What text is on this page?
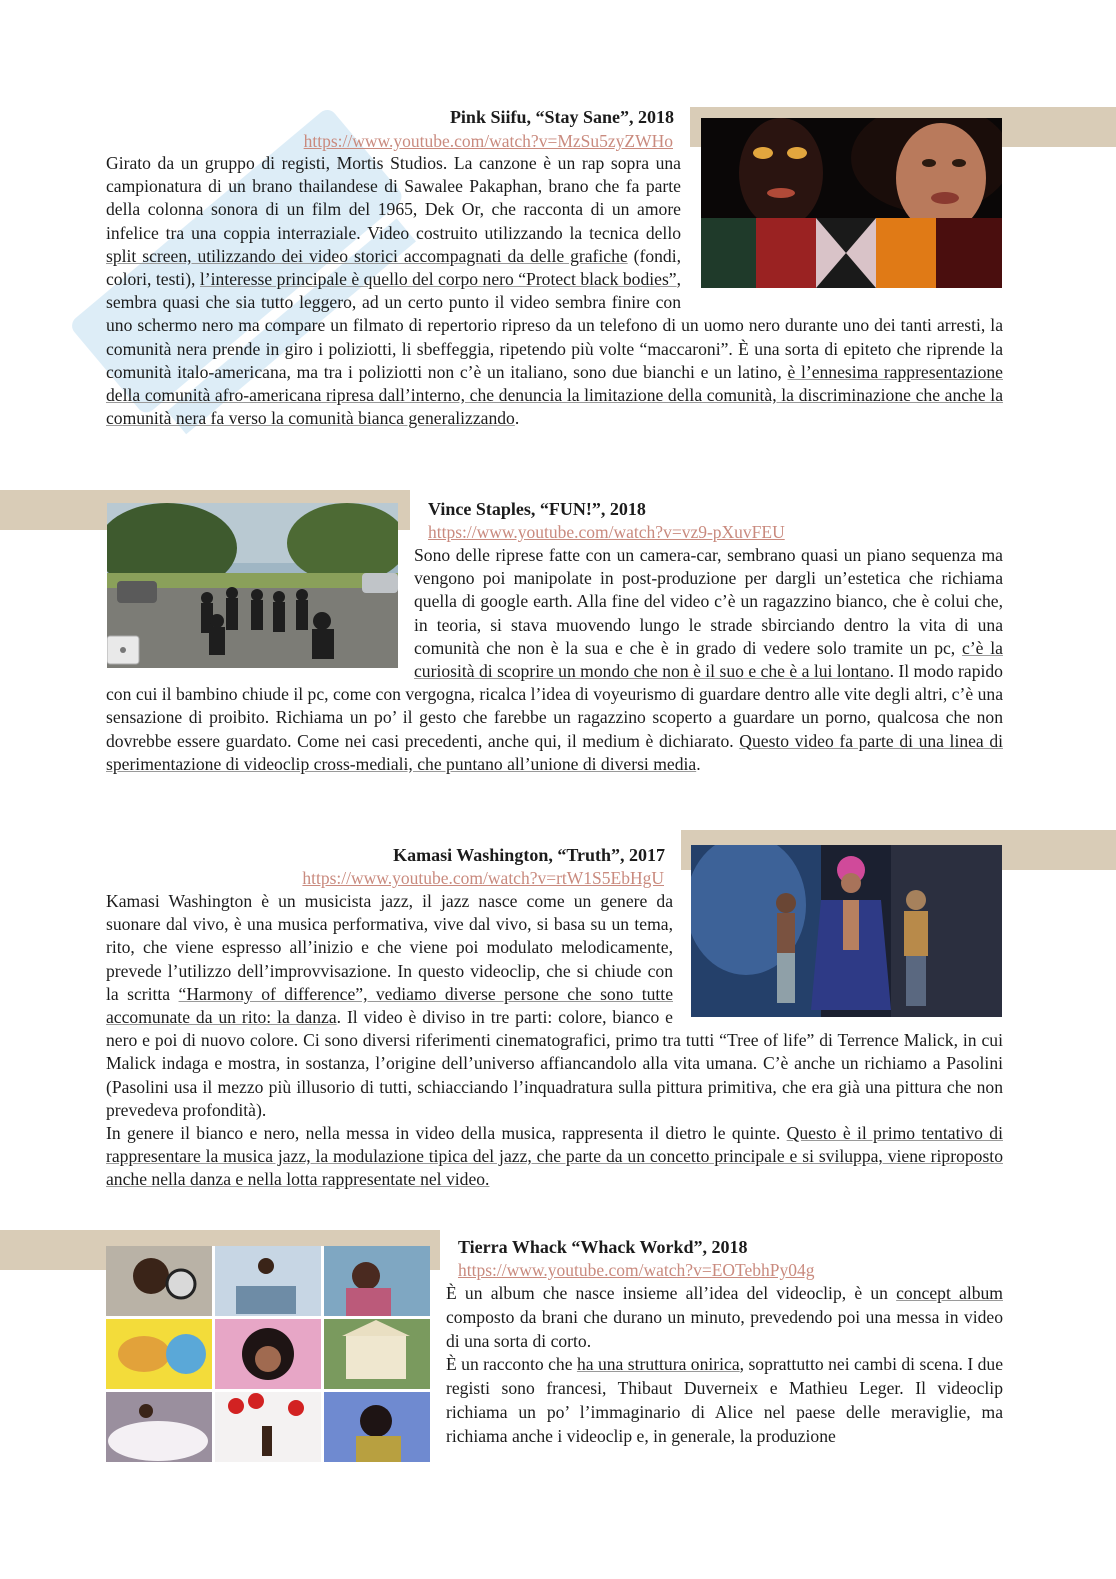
Pink Siifu, “Stay Sane”, 2018
https://www.youtube.com/watch?v=MzSu5zyZWHo

Girato da un gruppo di registi, Mortis Studios. La canzone è un rap sopra una campionatura di un brano thailandese di Sawalee Pakaphan, brano che fa parte della colonna sonora di un film del 1965, Dek Or, che racconta di un amore infelice tra una coppia interraziale. Video costruito utilizzando la tecnica dello split screen, utilizzando dei video storici accompagnati da delle grafiche (fondi, colori, testi), l’interesse principale è quello del corpo nero “Protect black bodies”, sembra quasi che sia tutto leggero, ad un certo punto il video sembra finire con uno schermo nero ma compare un filmato di repertorio ripreso da un telefono di un uomo nero durante uno dei tanti arresti, la comunità nera prende in giro i poliziotti, li sbeffeggia, ripetendo più volte “maccaroni”. È una sorta di epiteto che riprende la comunità italo-americana, ma tra i poliziotti non c’è un italiano, sono due bianchi e un latino, è l’ennesima rappresentazione della comunità afro-americana ripresa dall’interno, che denuncia la limitazione della comunità, la discriminazione che anche la comunità nera fa verso la comunità bianca generalizzando.

Vince Staples, “FUN!”, 2018
https://www.youtube.com/watch?v=vz9-pXuvFEU

Sono delle riprese fatte con un camera-car, sembrano quasi un piano sequenza ma vengono poi manipolate in post-produzione per dargli un’estetica che richiama quella di google earth. Alla fine del video c’è un ragazzino bianco, che è colui che, in teoria, si stava muovendo lungo le strade sbirciando dentro la vita di una comunità che non è la sua e che è in grado di vedere solo tramite un pc, c’è la curiosità di scoprire un mondo che non è il suo e che è a lui lontano. Il modo rapido con cui il bambino chiude il pc, come con vergogna, ricalca l’idea di voyeurismo di guardare dentro alle vite degli altri, c’è una sensazione di proibito. Richiama un po’ il gesto che farebbe un ragazzino scoperto a guardare un porno, qualcosa che non dovrebbe essere guardato. Come nei casi precedenti, anche qui, il medium è dichiarato. Questo video fa parte di una linea di sperimentazione di videoclip cross-mediali, che puntano all’unione di diversi media.

Kamasi Washington, “Truth”, 2017
https://www.youtube.com/watch?v=rtW1S5EbHgU

Kamasi Washington è un musicista jazz, il jazz nasce come un genere da suonare dal vivo, è una musica performativa, vive dal vivo, si basa su un tema, rito, che viene espresso all’inizio e che viene poi modulato melodicamente, prevede l’utilizzo dell’improvvisazione. In questo videoclip, che si chiude con la scritta “Harmony of difference”, vediamo diverse persone che sono tutte accomunate da un rito: la danza. Il video è diviso in tre parti: colore, bianco e nero e poi di nuovo colore. Ci sono diversi riferimenti cinematografici, primo tra tutti “Tree of life” di Terrence Malick, in cui Malick indaga e mostra, in sostanza, l’origine dell’universo affiancandolo alla vita umana. C’è anche un richiamo a Pasolini (Pasolini usa il mezzo più illusorio di tutti, schiacciando l’inquadratura sulla pittura primitiva, che era già una pittura che non prevedeva profondità).
In genere il bianco e nero, nella messa in video della musica, rappresenta il dietro le quinte. Questo è il primo tentativo di rappresentare la musica jazz, la modulazione tipica del jazz, che parte da un concetto principale e si sviluppa, viene riproposto anche nella danza e nella lotta rappresentate nel video.

Tierra Whack “Whack Workd”, 2018
https://www.youtube.com/watch?v=EOTebhPy04g

È un album che nasce insieme all’idea del videoclip, è un concept album composto da brani che durano un minuto, prevedendo poi una messa in video di una sorta di corto.
È un racconto che ha una struttura onirica, soprattutto nei cambi di scena. I due registi sono francesi, Thibaut Duverneix e Mathieu Leger. Il videoclip richiama un po’ l’immaginario di Alice nel paese delle meraviglie, ma richiama anche i videoclip e, in generale, la produzione
